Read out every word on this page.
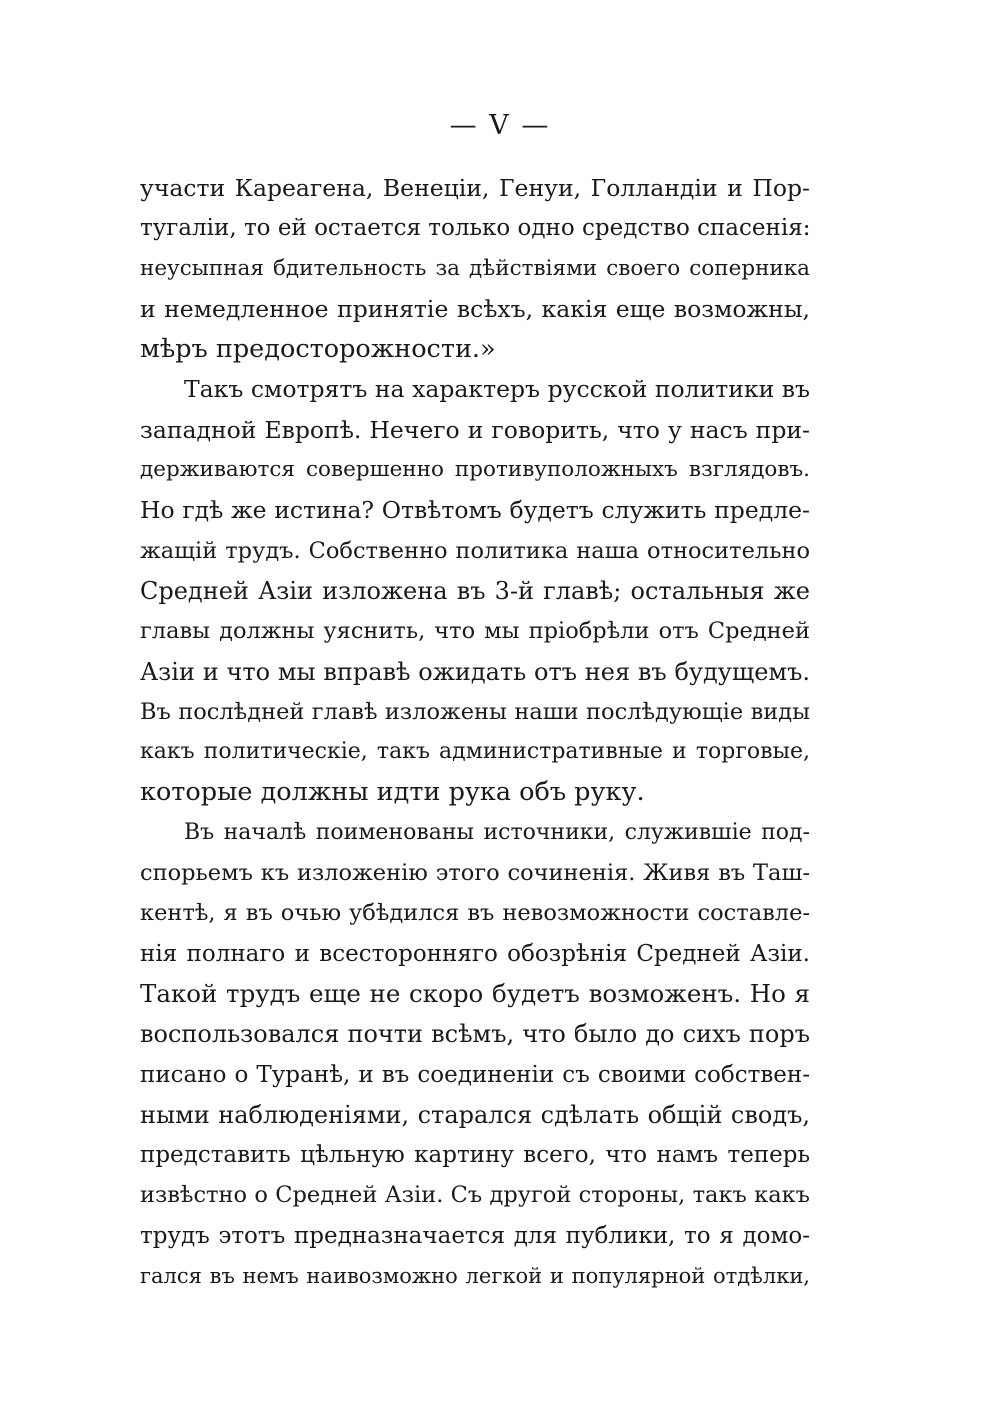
— V —
участи Кареагена, Венецiи, Генуи, Голландiи и Пор-
тугалiи, то ей остается только одно средство спасенiя:
неусыпная бдительность за дѣйствiями своего соперника
и немедленное принятiе всѣхъ, какiя еще возможны,
мѣръ предосторожности.»
Такъ смотрятъ на характеръ русской политики въ
западной Европѣ. Нечего и говорить, что у насъ при-
держиваются совершенно противуположныхъ взглядовъ.
Но гдѣ же истина? Отвѣтомъ будетъ служить предле-
жащiй трудъ. Собственно политика наша относительно
Средней Азiи изложена въ 3-й главѣ; остальныя же
главы должны уяснить, что мы прiобрѣли отъ Средней
Азiи и что мы вправѣ ожидать отъ нея въ будущемъ.
Въ послѣдней главѣ изложены наши послѣдующiе виды
какъ политическiе, такъ административные и торговые,
которые должны идти рука объ руку.
Въ началѣ поименованы источники, служившiе под-
спорьемъ къ изложенiю этого сочиненiя. Живя въ Таш-
кентѣ, я въ очью убѣдился въ невозможности составле-
нiя полнаго и всесторонняго обозрѣнiя Средней Азiи.
Такой трудъ еще не скоро будетъ возможенъ. Но я
воспользовался почти всѣмъ, что было до сихъ поръ
писано о Туранѣ, и въ соединенiи съ своими собствен-
ными наблюденiями, старался сдѣлать общiй сводъ,
представить цѣльную картину всего, что намъ теперь
извѣстно о Средней Азiи. Съ другой стороны, такъ какъ
трудъ этотъ предназначается для публики, то я домо-
гался въ немъ наивозможно легкой и популярной отдѣлки,
